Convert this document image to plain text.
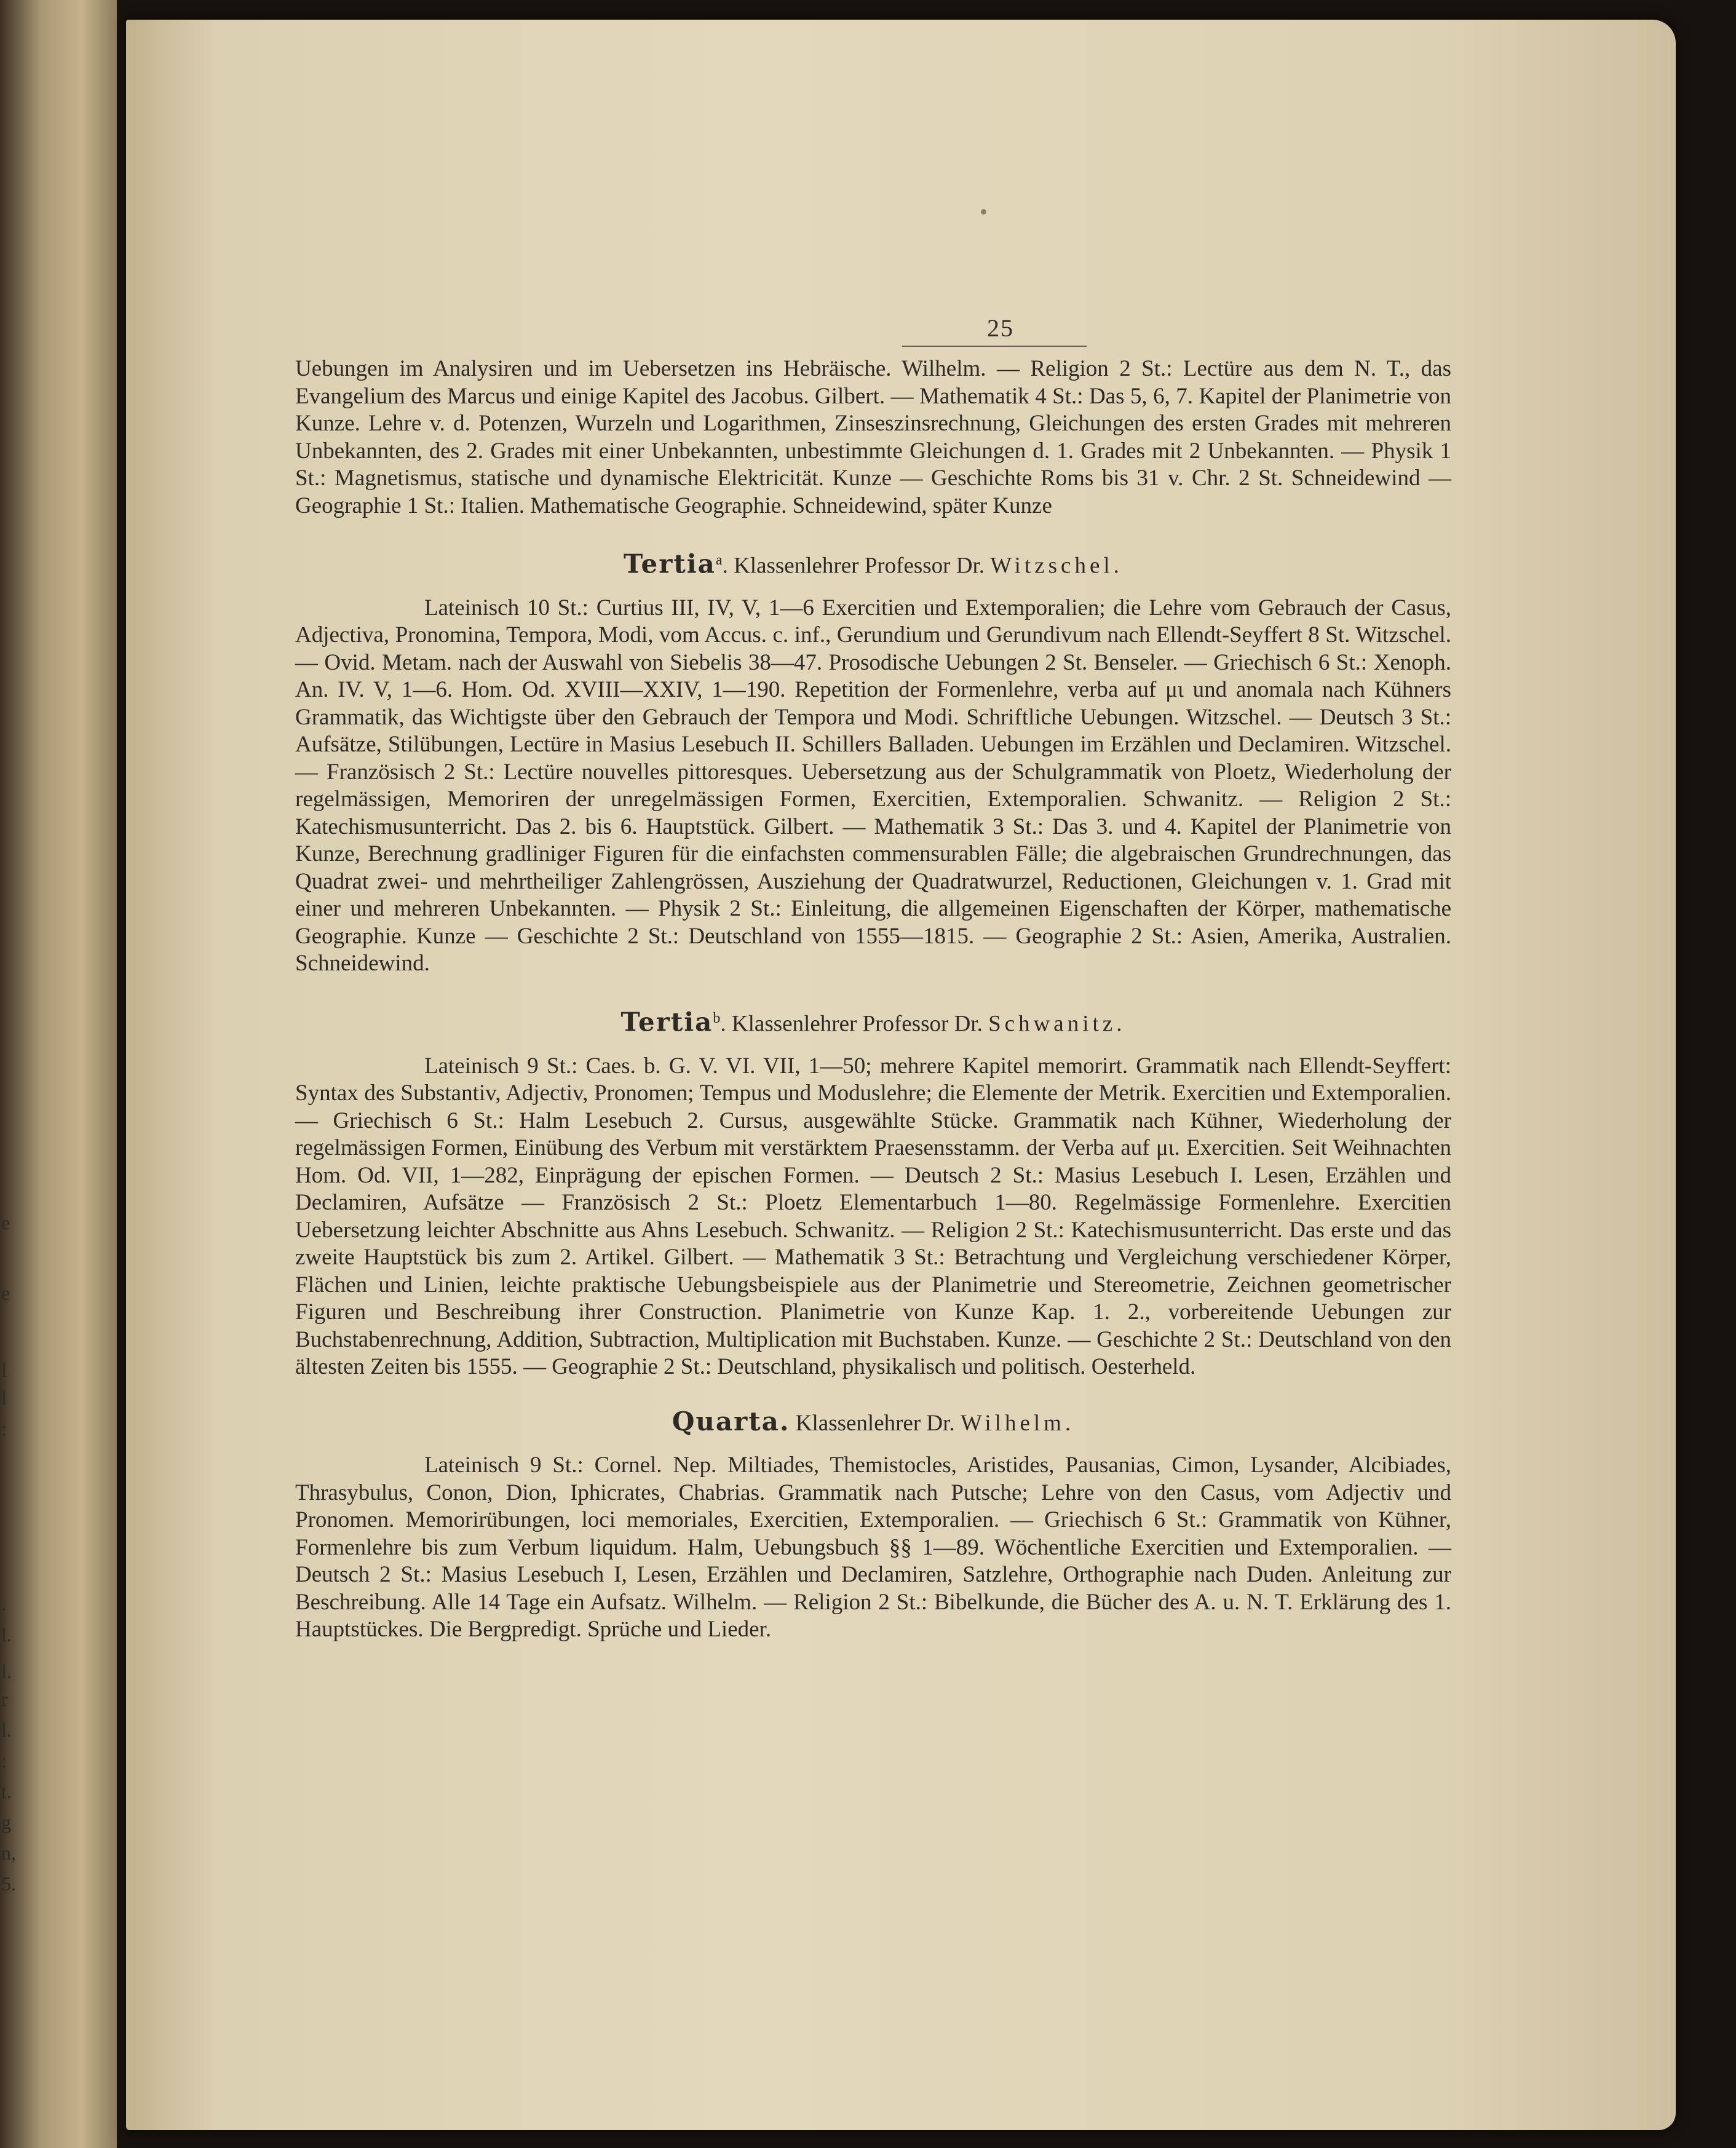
e
e
l
l
:
.
l.
l.
r
l.
:
t.
g
n,
5.
25

Uebungen im Analysiren und im Uebersetzen ins Hebräische. Wilhelm. — Religion 2 St.: Lectüre aus dem N. T., das Evangelium des Marcus und einige Kapitel des Jacobus. Gilbert. — Mathematik 4 St.: Das 5, 6, 7. Kapitel der Planimetrie von Kunze. Lehre v. d. Potenzen, Wurzeln und Logarithmen, Zinseszinsrechnung, Gleichungen des ersten Grades mit mehreren Unbekannten, des 2. Grades mit einer Unbekannten, unbestimmte Gleichungen d. 1. Grades mit 2 Unbekannten. — Physik 1 St.: Magnetismus, statische und dynamische Elektricität. Kunze — Geschichte Roms bis 31 v. Chr. 2 St. Schneidewind — Geographie 1 St.: Italien. Mathematische Geographie. Schneidewind, später Kunze

Tertia$^a$. Klassenlehrer Professor Dr. Witzschel.

Lateinisch 10 St.: Curtius III, IV, V, 1—6 Exercitien und Extemporalien; die Lehre vom Gebrauch der Casus, Adjectiva, Pronomina, Tempora, Modi, vom Accus. c. inf., Gerundium und Gerundivum nach Ellendt-Seyffert 8 St. Witzschel. — Ovid. Metam. nach der Auswahl von Siebelis 38—47. Prosodische Uebungen 2 St. Benseler. — Griechisch 6 St.: Xenoph. An. IV. V, 1—6. Hom. Od. XVIII—XXIV, 1—190. Repetition der Formenlehre, verba auf μι und anomala nach Kühners Grammatik, das Wichtigste über den Gebrauch der Tempora und Modi. Schriftliche Uebungen. Witzschel. — Deutsch 3 St.: Aufsätze, Stilübungen, Lectüre in Masius Lesebuch II. Schillers Balladen. Uebungen im Erzählen und Declamiren. Witzschel. — Französisch 2 St.: Lectüre nouvelles pittoresques. Uebersetzung aus der Schulgrammatik von Ploetz, Wiederholung der regelmässigen, Memoriren der unregelmässigen Formen, Exercitien, Extemporalien. Schwanitz. — Religion 2 St.: Katechismusunterricht. Das 2. bis 6. Hauptstück. Gilbert. — Mathematik 3 St.: Das 3. und 4. Kapitel der Planimetrie von Kunze, Berechnung gradliniger Figuren für die einfachsten commensurablen Fälle; die algebraischen Grundrechnungen, das Quadrat zwei- und mehrtheiliger Zahlengrössen, Ausziehung der Quadratwurzel, Reductionen, Gleichungen v. 1. Grad mit einer und mehreren Unbekannten. — Physik 2 St.: Einleitung, die allgemeinen Eigenschaften der Körper, mathematische Geographie. Kunze — Geschichte 2 St.: Deutschland von 1555—1815. — Geographie 2 St.: Asien, Amerika, Australien. Schneidewind.

Tertia$^b$. Klassenlehrer Professor Dr. Schwanitz.

Lateinisch 9 St.: Caes. b. G. V. VI. VII, 1—50; mehrere Kapitel memorirt. Grammatik nach Ellendt-Seyffert: Syntax des Substantiv, Adjectiv, Pronomen; Tempus und Moduslehre; die Elemente der Metrik. Exercitien und Extemporalien. — Griechisch 6 St.: Halm Lesebuch 2. Cursus, ausgewählte Stücke. Grammatik nach Kühner, Wiederholung der regelmässigen Formen, Einübung des Verbum mit verstärktem Praesensstamm. der Verba auf μι. Exercitien. Seit Weihnachten Hom. Od. VII, 1—282, Einprägung der epischen Formen. — Deutsch 2 St.: Masius Lesebuch I. Lesen, Erzählen und Declamiren, Aufsätze — Französisch 2 St.: Ploetz Elementarbuch 1—80. Regelmässige Formenlehre. Exercitien Uebersetzung leichter Abschnitte aus Ahns Lesebuch. Schwanitz. — Religion 2 St.: Katechismusunterricht. Das erste und das zweite Hauptstück bis zum 2. Artikel. Gilbert. — Mathematik 3 St.: Betrachtung und Vergleichung verschiedener Körper, Flächen und Linien, leichte praktische Uebungsbeispiele aus der Planimetrie und Stereometrie, Zeichnen geometrischer Figuren und Beschreibung ihrer Construction. Planimetrie von Kunze Kap. 1. 2., vorbereitende Uebungen zur Buchstabenrechnung, Addition, Subtraction, Multiplication mit Buchstaben. Kunze. — Geschichte 2 St.: Deutschland von den ältesten Zeiten bis 1555. — Geographie 2 St.: Deutschland, physikalisch und politisch. Oesterheld.

Quarta. Klassenlehrer Dr. Wilhelm.

Lateinisch 9 St.: Cornel. Nep. Miltiades, Themistocles, Aristides, Pausanias, Cimon, Lysander, Alcibiades, Thrasybulus, Conon, Dion, Iphicrates, Chabrias. Grammatik nach Putsche; Lehre von den Casus, vom Adjectiv und Pronomen. Memorirübungen, loci memoriales, Exercitien, Extemporalien. — Griechisch 6 St.: Grammatik von Kühner, Formenlehre bis zum Verbum liquidum. Halm, Uebungsbuch §§ 1—89. Wöchentliche Exercitien und Extemporalien. — Deutsch 2 St.: Masius Lesebuch I, Lesen, Erzählen und Declamiren, Satzlehre, Orthographie nach Duden. Anleitung zur Beschreibung. Alle 14 Tage ein Aufsatz. Wilhelm. — Religion 2 St.: Bibelkunde, die Bücher des A. u. N. T. Erklärung des 1. Hauptstückes. Die Bergpredigt. Sprüche und Lieder.
